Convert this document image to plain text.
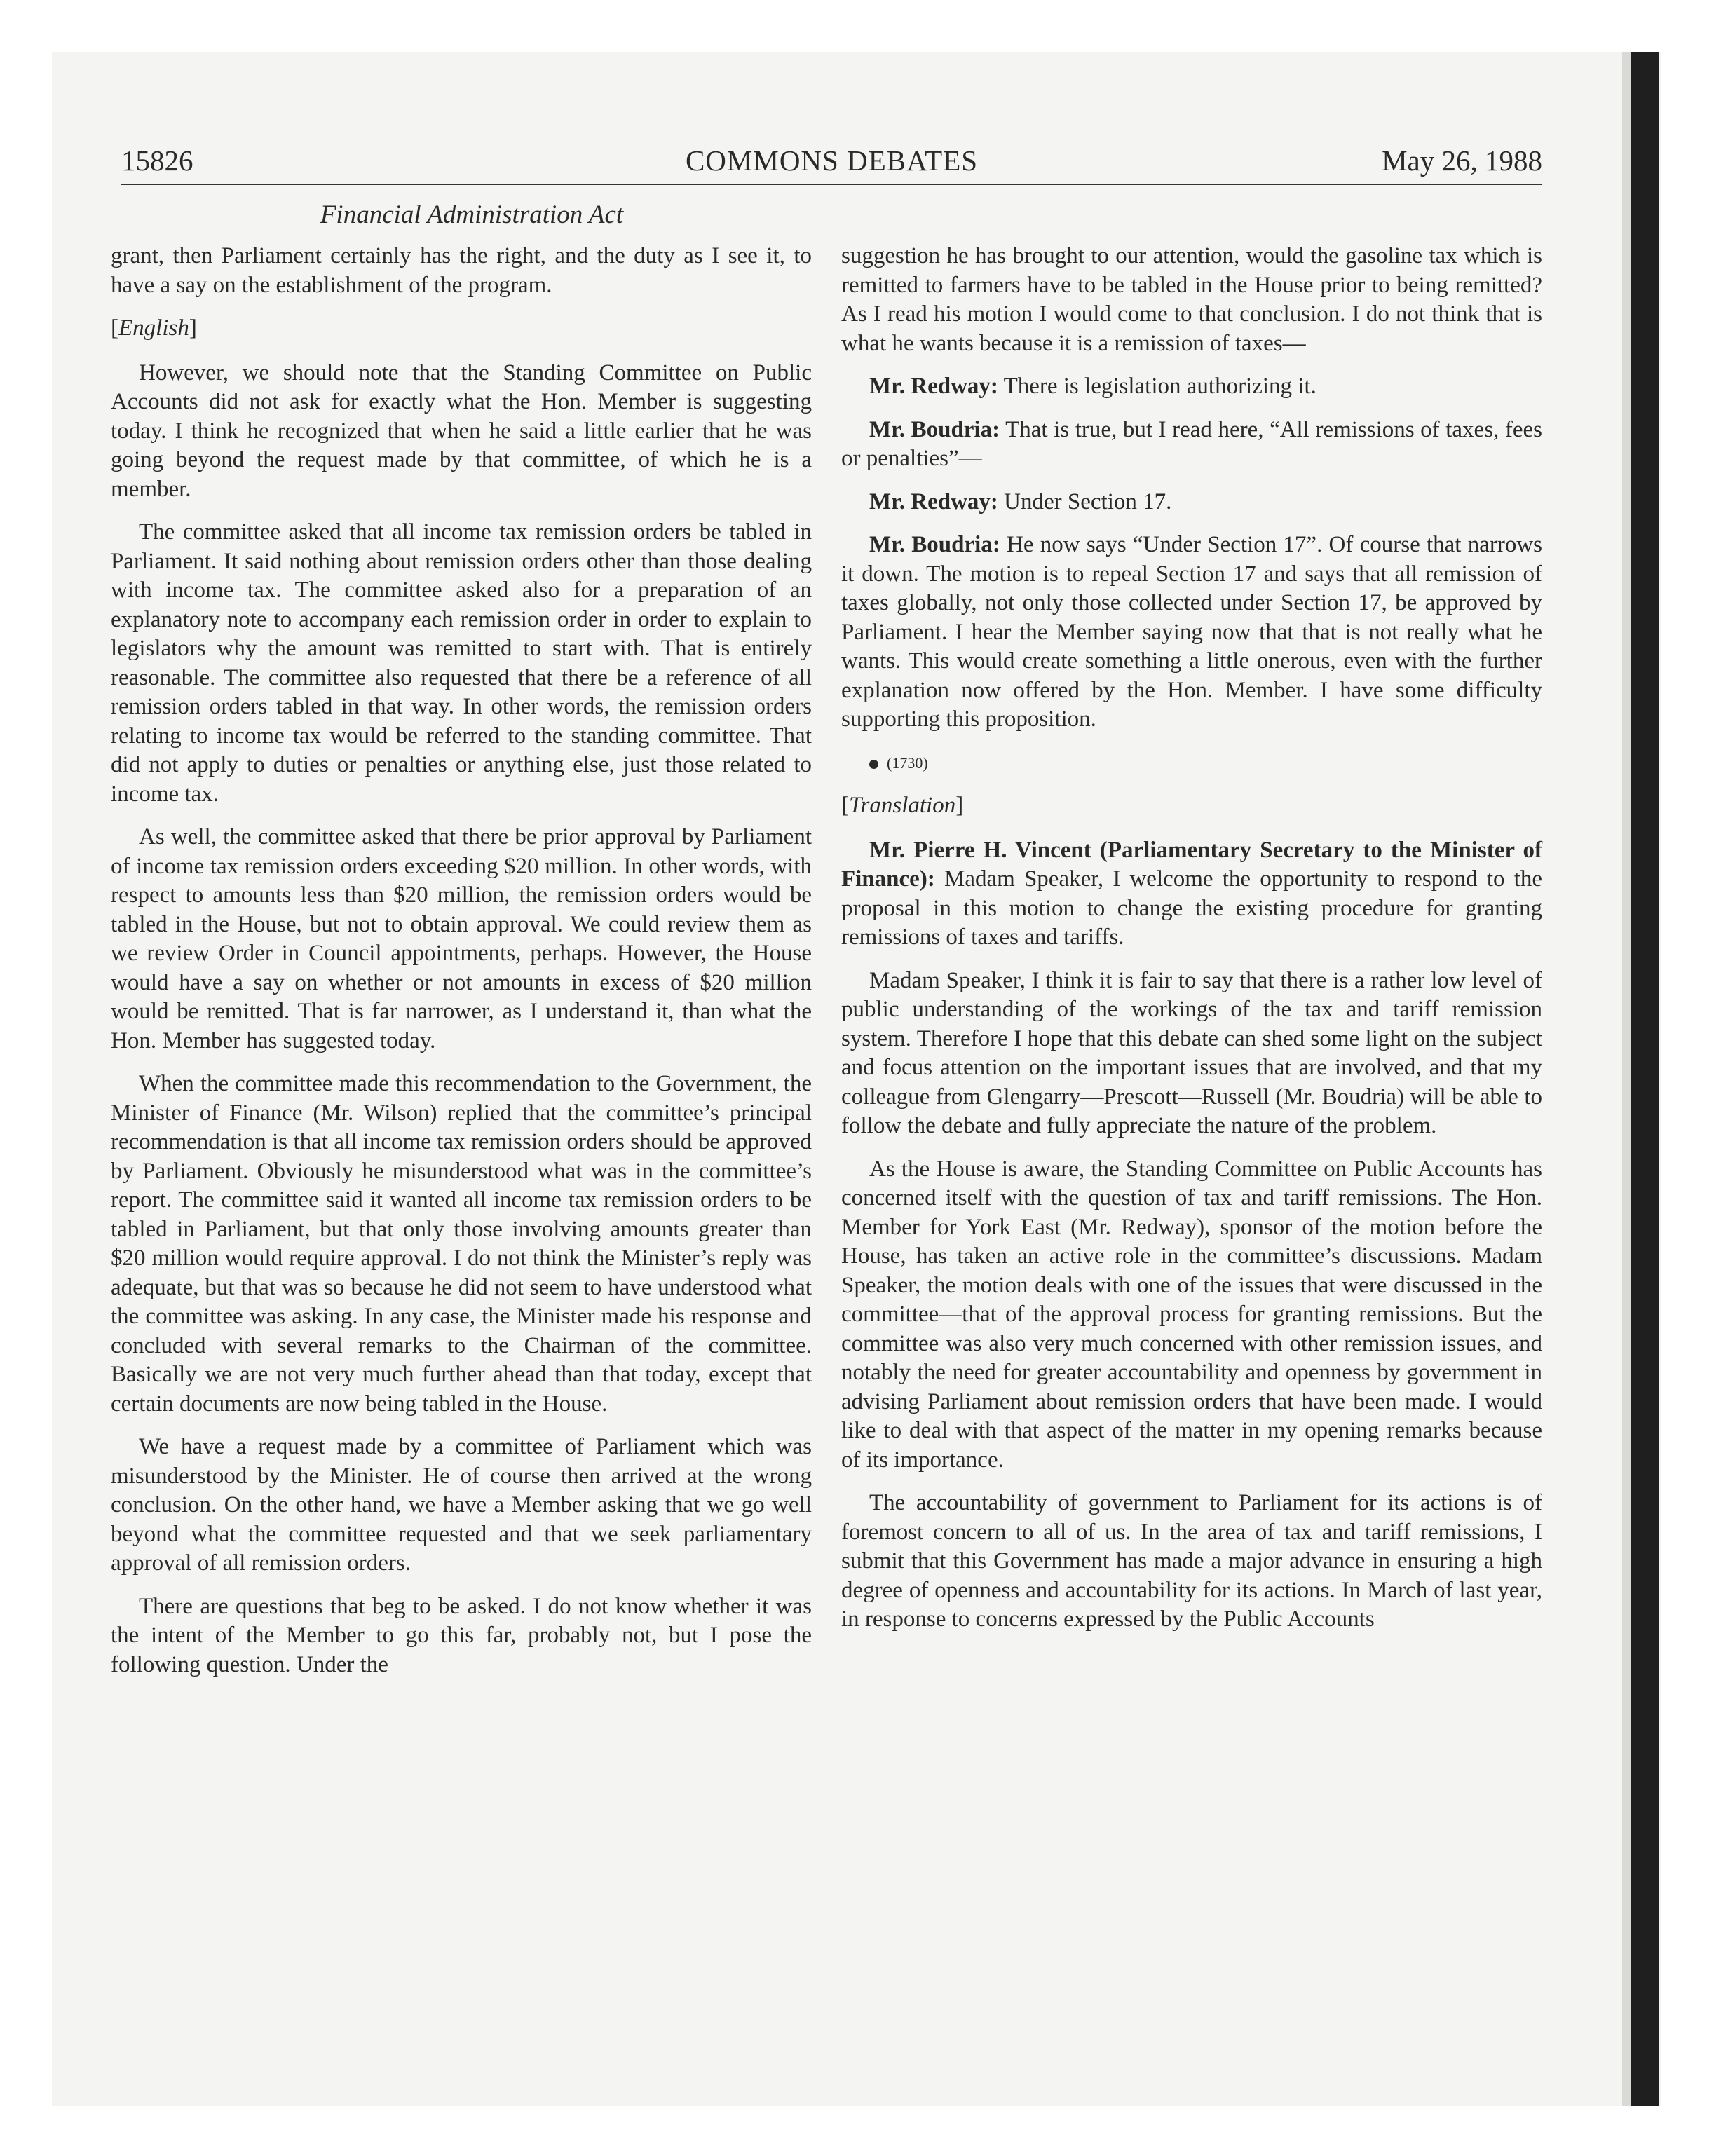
15826	COMMONS DEBATES	May 26, 1988
Financial Administration Act

grant, then Parliament certainly has the right, and the duty as I see it, to have a say on the establishment of the program.

[English]

However, we should note that the Standing Committee on Public Accounts did not ask for exactly what the Hon. Member is suggesting today. I think he recognized that when he said a little earlier that he was going beyond the request made by that committee, of which he is a member.

The committee asked that all income tax remission orders be tabled in Parliament. It said nothing about remission orders other than those dealing with income tax. The committee asked also for a preparation of an explanatory note to accompany each remission order in order to explain to legislators why the amount was remitted to start with. That is entirely reasonable. The committee also requested that there be a reference of all remission orders tabled in that way. In other words, the remission orders relating to income tax would be referred to the standing committee. That did not apply to duties or penalties or anything else, just those related to income tax.

As well, the committee asked that there be prior approval by Parliament of income tax remission orders exceeding $20 million. In other words, with respect to amounts less than $20 million, the remission orders would be tabled in the House, but not to obtain approval. We could review them as we review Order in Council appointments, perhaps. However, the House would have a say on whether or not amounts in excess of $20 million would be remitted. That is far narrower, as I understand it, than what the Hon. Member has suggested today.

When the committee made this recommendation to the Government, the Minister of Finance (Mr. Wilson) replied that the committee’s principal recommendation is that all income tax remission orders should be approved by Parliament. Obviously he misunderstood what was in the committee’s report. The committee said it wanted all income tax remission orders to be tabled in Parliament, but that only those involving amounts greater than $20 million would require approval. I do not think the Minister’s reply was adequate, but that was so because he did not seem to have understood what the committee was asking. In any case, the Minister made his response and concluded with several remarks to the Chairman of the committee. Basically we are not very much further ahead than that today, except that certain documents are now being tabled in the House.

We have a request made by a committee of Parliament which was misunderstood by the Minister. He of course then arrived at the wrong conclusion. On the other hand, we have a Member asking that we go well beyond what the committee requested and that we seek parliamentary approval of all remission orders.

There are questions that beg to be asked. I do not know whether it was the intent of the Member to go this far, probably not, but I pose the following question. Under the

suggestion he has brought to our attention, would the gasoline tax which is remitted to farmers have to be tabled in the House prior to being remitted? As I read his motion I would come to that conclusion. I do not think that is what he wants because it is a remission of taxes—

Mr. Redway: There is legislation authorizing it.

Mr. Boudria: That is true, but I read here, “All remissions of taxes, fees or penalties”—

Mr. Redway: Under Section 17.

Mr. Boudria: He now says “Under Section 17”. Of course that narrows it down. The motion is to repeal Section 17 and says that all remission of taxes globally, not only those collected under Section 17, be approved by Parliament. I hear the Member saying now that that is not really what he wants. This would create something a little onerous, even with the further explanation now offered by the Hon. Member. I have some difficulty supporting this proposition.

(1730)

[Translation]

Mr. Pierre H. Vincent (Parliamentary Secretary to the Minister of Finance): Madam Speaker, I welcome the opportunity to respond to the proposal in this motion to change the existing procedure for granting remissions of taxes and tariffs.

Madam Speaker, I think it is fair to say that there is a rather low level of public understanding of the workings of the tax and tariff remission system. Therefore I hope that this debate can shed some light on the subject and focus attention on the important issues that are involved, and that my colleague from Glengarry—Prescott—Russell (Mr. Boudria) will be able to follow the debate and fully appreciate the nature of the problem.

As the House is aware, the Standing Committee on Public Accounts has concerned itself with the question of tax and tariff remissions. The Hon. Member for York East (Mr. Redway), sponsor of the motion before the House, has taken an active role in the committee’s discussions. Madam Speaker, the motion deals with one of the issues that were discussed in the committee—that of the approval process for granting remissions. But the committee was also very much concerned with other remission issues, and notably the need for greater accountability and openness by government in advising Parliament about remission orders that have been made. I would like to deal with that aspect of the matter in my opening remarks because of its importance.

The accountability of government to Parliament for its actions is of foremost concern to all of us. In the area of tax and tariff remissions, I submit that this Government has made a major advance in ensuring a high degree of openness and accountability for its actions. In March of last year, in response to concerns expressed by the Public Accounts
